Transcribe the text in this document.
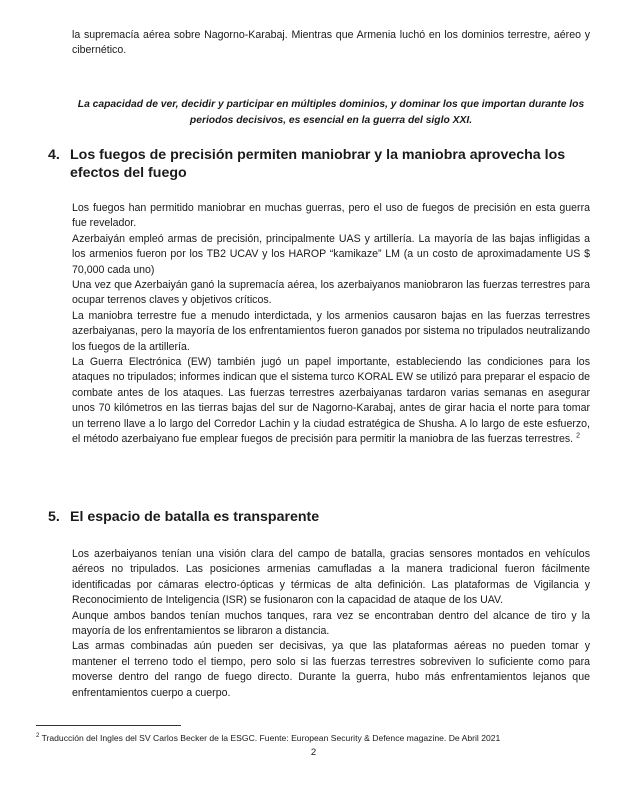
la supremacía aérea sobre Nagorno-Karabaj. Mientras que Armenia luchó en los dominios terrestre, aéreo y cibernético.

La capacidad de ver, decidir y participar en múltiples dominios, y dominar los que importan durante los periodos decisivos, es esencial en la guerra del siglo XXI.
4. Los fuegos de precisión permiten maniobrar y la maniobra aprovecha los efectos del fuego

Los fuegos han permitido maniobrar en muchas guerras, pero el uso de fuegos de precisión en esta guerra fue revelador.

Azerbaiyán empleó armas de precisión, principalmente UAS y artillería. La mayoría de las bajas infligidas a los armenios fueron por los TB2 UCAV y los HAROP “kamikaze” LM (a un costo de aproximadamente US $ 70,000 cada uno)

Una vez que Azerbaiyán ganó la supremacía aérea, los azerbaiyanos maniobraron las fuerzas terrestres para ocupar terrenos claves y objetivos críticos.

La maniobra terrestre fue a menudo interdictada, y los armenios causaron bajas en las fuerzas terrestres azerbaiyanas, pero la mayoría de los enfrentamientos fueron ganados por sistema no tripulados neutralizando los fuegos de la artillería.

La Guerra Electrónica (EW) también jugó un papel importante, estableciendo las condiciones para los ataques no tripulados; informes indican que el sistema turco KORAL EW se utilizó para preparar el espacio de combate antes de los ataques. Las fuerzas terrestres azerbaiyanas tardaron varias semanas en asegurar unos 70 kilómetros en las tierras bajas del sur de Nagorno-Karabaj, antes de girar hacia el norte para tomar un terreno llave a lo largo del Corredor Lachin y la ciudad estratégica de Shusha. A lo largo de este esfuerzo, el método azerbaiyano fue emplear fuegos de precisión para permitir la maniobra de las fuerzas terrestres. $^2$

5. El espacio de batalla es transparente

Los azerbaiyanos tenían una visión clara del campo de batalla, gracias sensores montados en vehículos aéreos no tripulados. Las posiciones armenias camufladas a la manera tradicional fueron fácilmente identificadas por cámaras electro-ópticas y térmicas de alta definición. Las plataformas de Vigilancia y Reconocimiento de Inteligencia (ISR) se fusionaron con la capacidad de ataque de los UAV.

Aunque ambos bandos tenían muchos tanques, rara vez se encontraban dentro del alcance de tiro y la mayoría de los enfrentamientos se libraron a distancia.

Las armas combinadas aún pueden ser decisivas, ya que las plataformas aéreas no pueden tomar y mantener el terreno todo el tiempo, pero solo si las fuerzas terrestres sobreviven lo suficiente como para moverse dentro del rango de fuego directo. Durante la guerra, hubo más enfrentamientos lejanos que enfrentamientos cuerpo a cuerpo.

$^2$ Traducción del Ingles del SV Carlos Becker de la ESGC. Fuente: European Security & Defence magazine. De Abril 2021
2
